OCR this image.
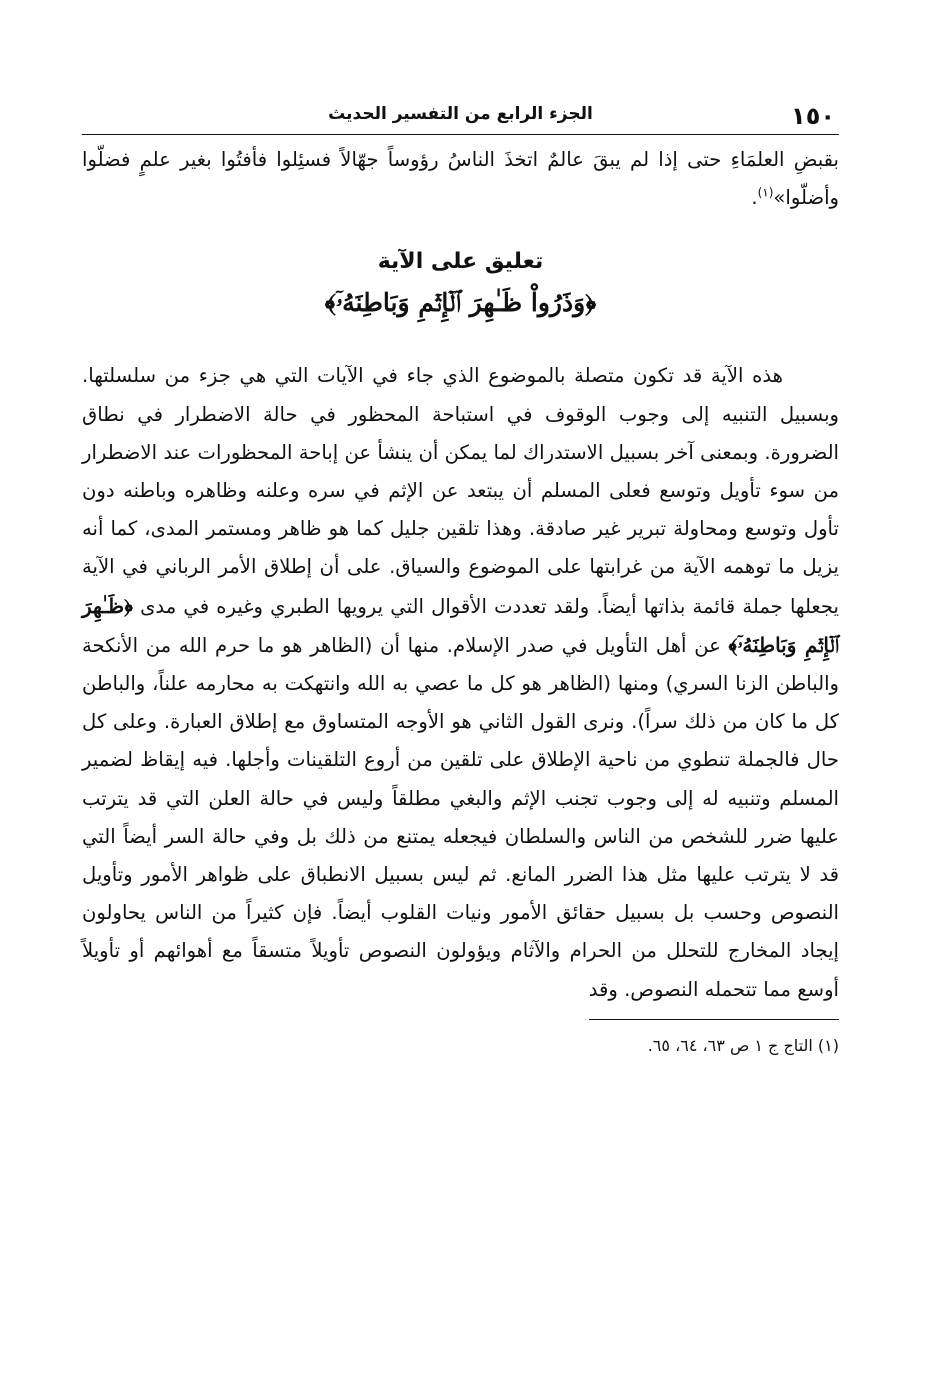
١٥٠
الجزء الرابع من التفسير الحديث

بقبضِ العلمَاءِ حتى إذا لم يبقَ عالمٌ اتخذَ الناسُ رؤوساً جهّالاً فسئِلوا فأفتُوا بغير علمٍ فضلّوا وأضلّوا»$^{(١)}$.

تعليق على الآية
﴿وَذَرُواْ ظَـٰهِرَ ٱلۡإِثۡمِ وَبَاطِنَهُۥٓ﴾

هذه الآية قد تكون متصلة بالموضوع الذي جاء في الآيات التي هي جزء من سلسلتها. وبسبيل التنبيه إلى وجوب الوقوف في استباحة المحظور في حالة الاضطرار في نطاق الضرورة. وبمعنى آخر بسبيل الاستدراك لما يمكن أن ينشأ عن إباحة المحظورات عند الاضطرار من سوء تأويل وتوسع فعلى المسلم أن يبتعد عن الإثم في سره وعلنه وظاهره وباطنه دون تأول وتوسع ومحاولة تبرير غير صادقة. وهذا تلقين جليل كما هو ظاهر ومستمر المدى، كما أنه يزيل ما توهمه الآية من غرابتها على الموضوع والسياق. على أن إطلاق الأمر الرباني في الآية يجعلها جملة قائمة بذاتها أيضاً. ولقد تعددت الأقوال التي يرويها الطبري وغيره في مدى ﴿ظَـٰهِرَ ٱلۡإِثۡمِ وَبَاطِنَهُۥٓ﴾ عن أهل التأويل في صدر الإسلام. منها أن (الظاهر هو ما حرم الله من الأنكحة والباطن الزنا السري) ومنها (الظاهر هو كل ما عصي به الله وانتهكت به محارمه علناً، والباطن كل ما كان من ذلك سراً). ونرى القول الثاني هو الأوجه المتساوق مع إطلاق العبارة. وعلى كل حال فالجملة تنطوي من ناحية الإطلاق على تلقين من أروع التلقينات وأجلها. فيه إيقاظ لضمير المسلم وتنبيه له إلى وجوب تجنب الإثم والبغي مطلقاً وليس في حالة العلن التي قد يترتب عليها ضرر للشخص من الناس والسلطان فيجعله يمتنع من ذلك بل وفي حالة السر أيضاً التي قد لا يترتب عليها مثل هذا الضرر المانع. ثم ليس بسبيل الانطباق على ظواهر الأمور وتأويل النصوص وحسب بل بسبيل حقائق الأمور ونيات القلوب أيضاً. فإن كثيراً من الناس يحاولون إيجاد المخارج للتحلل من الحرام والآثام ويؤولون النصوص تأويلاً متسقاً مع أهوائهم أو تأويلاً أوسع مما تتحمله النصوص. وقد

(١) التاج ج ١ ص ٦٣، ٦٤، ٦٥.
